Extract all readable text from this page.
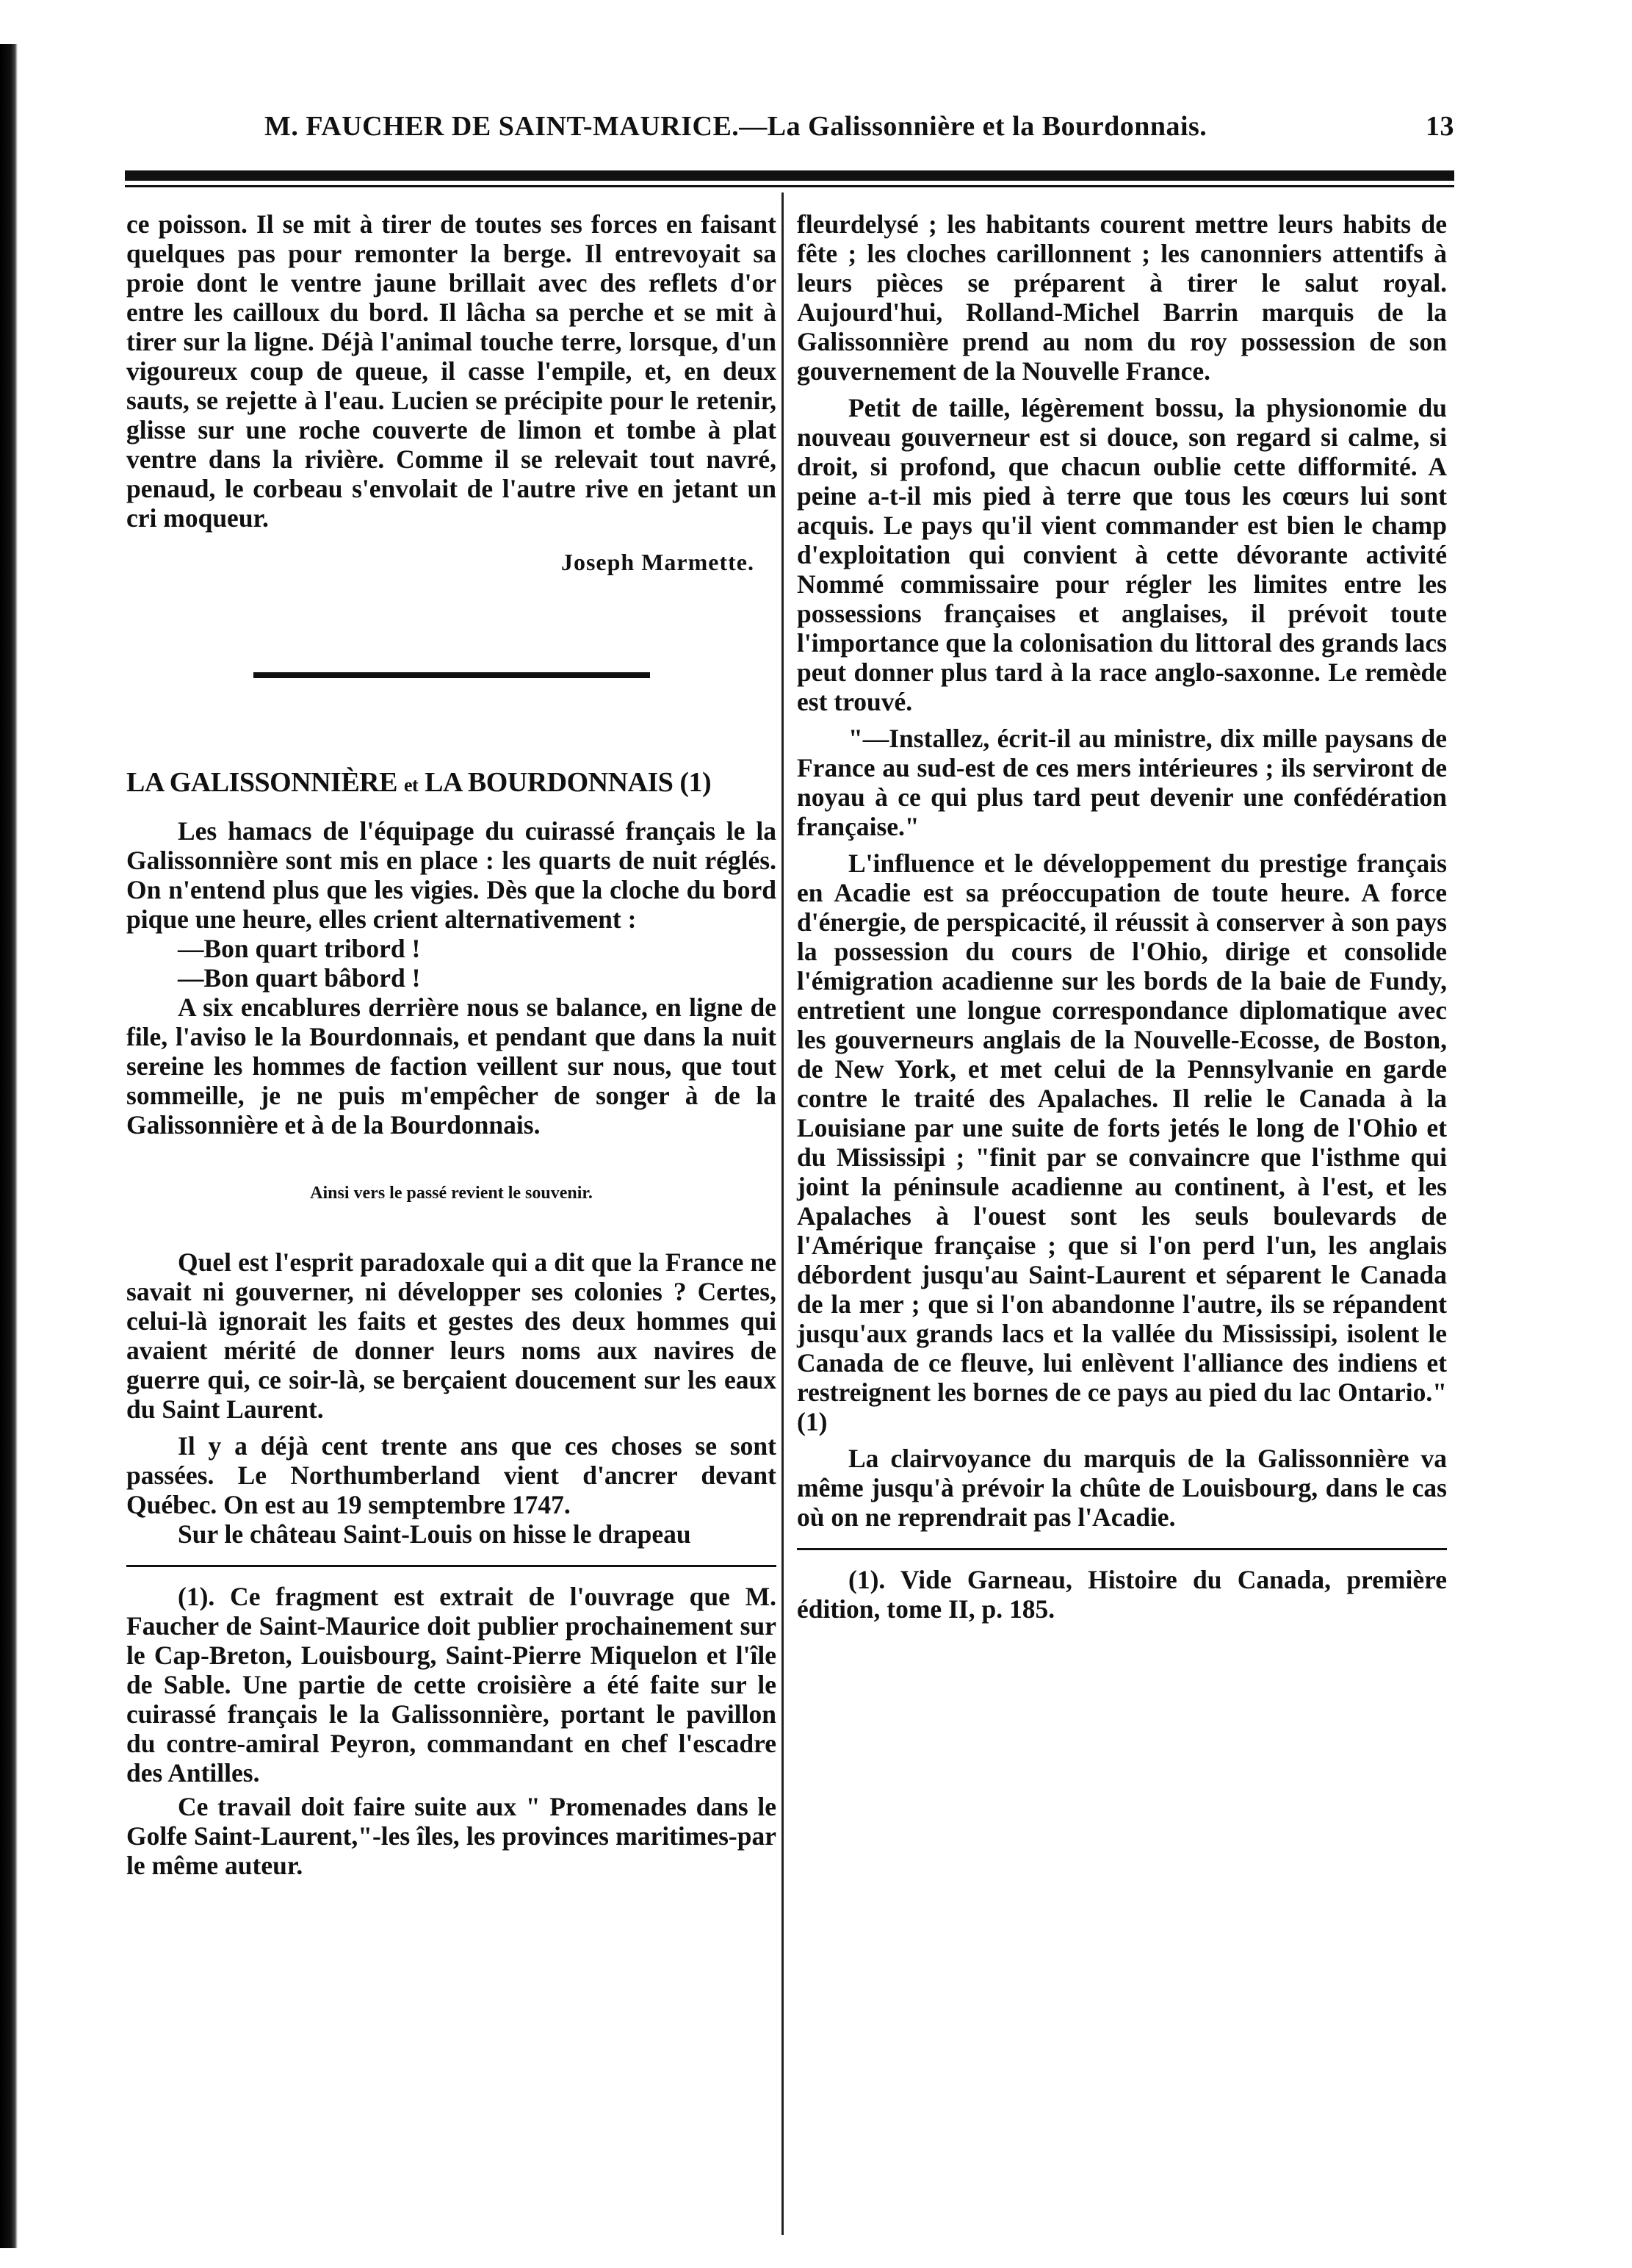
M. FAUCHER DE SAINT-MAURICE.—La Galissonnière et la Bourdonnais.	13

ce poisson. Il se mit à tirer de toutes ses forces en faisant quelques pas pour remonter la berge. Il entrevoyait sa proie dont le ventre jaune brillait avec des reflets d'or entre les cailloux du bord. Il lâcha sa perche et se mit à tirer sur la ligne. Déjà l'animal touche terre, lorsque, d'un vigoureux coup de queue, il casse l'empile, et, en deux sauts, se rejette à l'eau. Lucien se précipite pour le retenir, glisse sur une roche couverte de limon et tombe à plat ventre dans la rivière. Comme il se relevait tout navré, penaud, le corbeau s'envolait de l'autre rive en jetant un cri moqueur.

Joseph Marmette.
LA GALISSONNIÈRE et LA BOURDONNAIS (1)

Les hamacs de l'équipage du cuirassé français le la Galissonnière sont mis en place : les quarts de nuit réglés. On n'entend plus que les vigies. Dès que la cloche du bord pique une heure, elles crient alternativement :

—Bon quart tribord !
—Bon quart bâbord !

A six encablures derrière nous se balance, en ligne de file, l'aviso le la Bourdonnais, et pendant que dans la nuit sereine les hommes de faction veillent sur nous, que tout sommeille, je ne puis m'empêcher de songer à de la Galissonnière et à de la Bourdonnais.

Ainsi vers le passé revient le souvenir.

Quel est l'esprit paradoxale qui a dit que la France ne savait ni gouverner, ni développer ses colonies ? Certes, celui-là ignorait les faits et gestes des deux hommes qui avaient mérité de donner leurs noms aux navires de guerre qui, ce soir-là, se berçaient doucement sur les eaux du Saint Laurent.

Il y a déjà cent trente ans que ces choses se sont passées. Le Northumberland vient d'ancrer devant Québec. On est au 19 semptembre 1747.

Sur le château Saint-Louis on hisse le drapeau

(1). Ce fragment est extrait de l'ouvrage que M. Faucher de Saint-Maurice doit publier prochainement sur le Cap-Breton, Louisbourg, Saint-Pierre Miquelon et l'île de Sable. Une partie de cette croisière a été faite sur le cuirassé français le la Galissonnière, portant le pavillon du contre-amiral Peyron, commandant en chef l'escadre des Antilles.

Ce travail doit faire suite aux " Promenades dans le Golfe Saint-Laurent,"-les îles, les provinces maritimes-par le même auteur.

fleurdelysé ; les habitants courent mettre leurs habits de fête ; les cloches carillonnent ; les canonniers attentifs à leurs pièces se préparent à tirer le salut royal. Aujourd'hui, Rolland-Michel Barrin marquis de la Galissonnière prend au nom du roy possession de son gouvernement de la Nouvelle France.

Petit de taille, légèrement bossu, la physionomie du nouveau gouverneur est si douce, son regard si calme, si droit, si profond, que chacun oublie cette difformité. A peine a-t-il mis pied à terre que tous les cœurs lui sont acquis. Le pays qu'il vient commander est bien le champ d'exploitation qui convient à cette dévorante activité Nommé commissaire pour régler les limites entre les possessions françaises et anglaises, il prévoit toute l'importance que la colonisation du littoral des grands lacs peut donner plus tard à la race anglo-saxonne. Le remède est trouvé.

"—Installez, écrit-il au ministre, dix mille paysans de France au sud-est de ces mers intérieures ; ils serviront de noyau à ce qui plus tard peut devenir une confédération française."

L'influence et le développement du prestige français en Acadie est sa préoccupation de toute heure. A force d'énergie, de perspicacité, il réussit à conserver à son pays la possession du cours de l'Ohio, dirige et consolide l'émigration acadienne sur les bords de la baie de Fundy, entretient une longue correspondance diplomatique avec les gouverneurs anglais de la Nouvelle-Ecosse, de Boston, de New York, et met celui de la Pennsylvanie en garde contre le traité des Apalaches. Il relie le Canada à la Louisiane par une suite de forts jetés le long de l'Ohio et du Mississipi ; "finit par se convaincre que l'isthme qui joint la péninsule acadienne au continent, à l'est, et les Apalaches à l'ouest sont les seuls boulevards de l'Amérique française ; que si l'on perd l'un, les anglais débordent jusqu'au Saint-Laurent et séparent le Canada de la mer ; que si l'on abandonne l'autre, ils se répandent jusqu'aux grands lacs et la vallée du Mississipi, isolent le Canada de ce fleuve, lui enlèvent l'alliance des indiens et restreignent les bornes de ce pays au pied du lac Ontario." (1)

La clairvoyance du marquis de la Galissonnière va même jusqu'à prévoir la chûte de Louisbourg, dans le cas où on ne reprendrait pas l'Acadie.

(1). Vide Garneau, Histoire du Canada, première édition, tome II, p. 185.
